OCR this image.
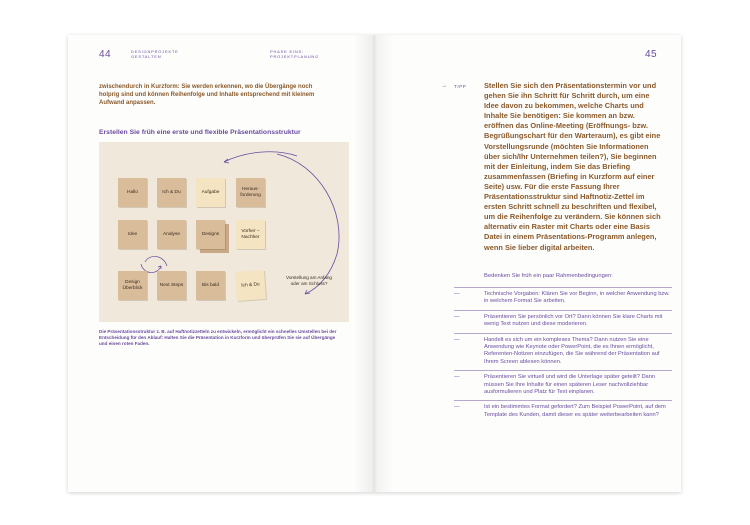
44	DESIGNPROJEKTE
GESTALTEN
zwischendurch in Kurzform: Sie werden erkennen, wo die Übergänge noch holprig sind und können Reihenfolge und Inhalte entsprechend mit kleinem Aufwand anpassen.
Erstellen Sie früh eine erste und flexible Präsentationsstruktur
Hallo	Ich & Du	Aufgabe
Heraus-forderung
Idee	Analyse	Designs
Vorher – Nachher
Design Überblick
Next Steps	Bis bald	Ich & Du
Vorstellung am Anfang oder am Schluss?
Die Präsentationsstruktur z. B. auf Haftnotizzetteln zu entwickeln, ermöglicht ein schnelles Umstellen bei der Entscheidung für den Ablauf: Halten Sie die Präsentation in Kurzform und überprüfen Sie sie auf Übergänge und einen roten Faden.
PHASE EINS:
PROJEKTPLANUNG	45
→ TIPP Stellen Sie sich den Präsentationstermin vor und gehen Sie ihn Schritt für Schritt durch, um eine Idee davon zu bekommen, welche Charts und Inhalte Sie benötigen: Sie kommen an bzw. eröffnen das Online-Meeting (Eröffnungs- bzw. Begrüßungschart für den Warteraum), es gibt eine Vorstellungsrunde (möchten Sie Informationen über sich/Ihr Unternehmen teilen?), Sie beginnen mit der Einleitung, indem Sie das Briefing zusammenfassen (Briefing in Kurzform auf einer Seite) usw. Für die erste Fassung Ihrer Präsentationsstruktur sind Haftnotiz-Zettel im ersten Schritt schnell zu beschriften und flexibel, um die Reihenfolge zu verändern. Sie können sich alternativ ein Raster mit Charts oder eine Basis Datei in einem Präsentations-Programm anlegen, wenn Sie lieber digital arbeiten.
Bedenken Sie früh ein paar Rahmenbedingungen:
—	Technische Vorgaben: Klären Sie vor Beginn, in welcher Anwendung bzw. in welchem Format Sie arbeiten.
—	Präsentieren Sie persönlich vor Ort? Dann können Sie klare Charts mit wenig Text nutzen und diese moderieren.
—	Handelt es sich um ein komplexes Thema? Dann nutzen Sie eine Anwendung wie Keynote oder PowerPoint, die es Ihnen ermöglicht, Referenten-Notizen einzufügen, die Sie während der Präsentation auf Ihrem Screen ablesen können.
—	Präsentieren Sie virtuell und wird die Unterlage später geteilt? Dann müssen Sie Ihre Inhalte für einen späteren Leser nachvollziehbar ausformulieren und Platz für Text einplanen.
—	Ist ein bestimmtes Format gefordert? Zum Beispiel PowerPoint, auf dem Template des Kunden, damit dieser es später weiterbearbeiten kann?
